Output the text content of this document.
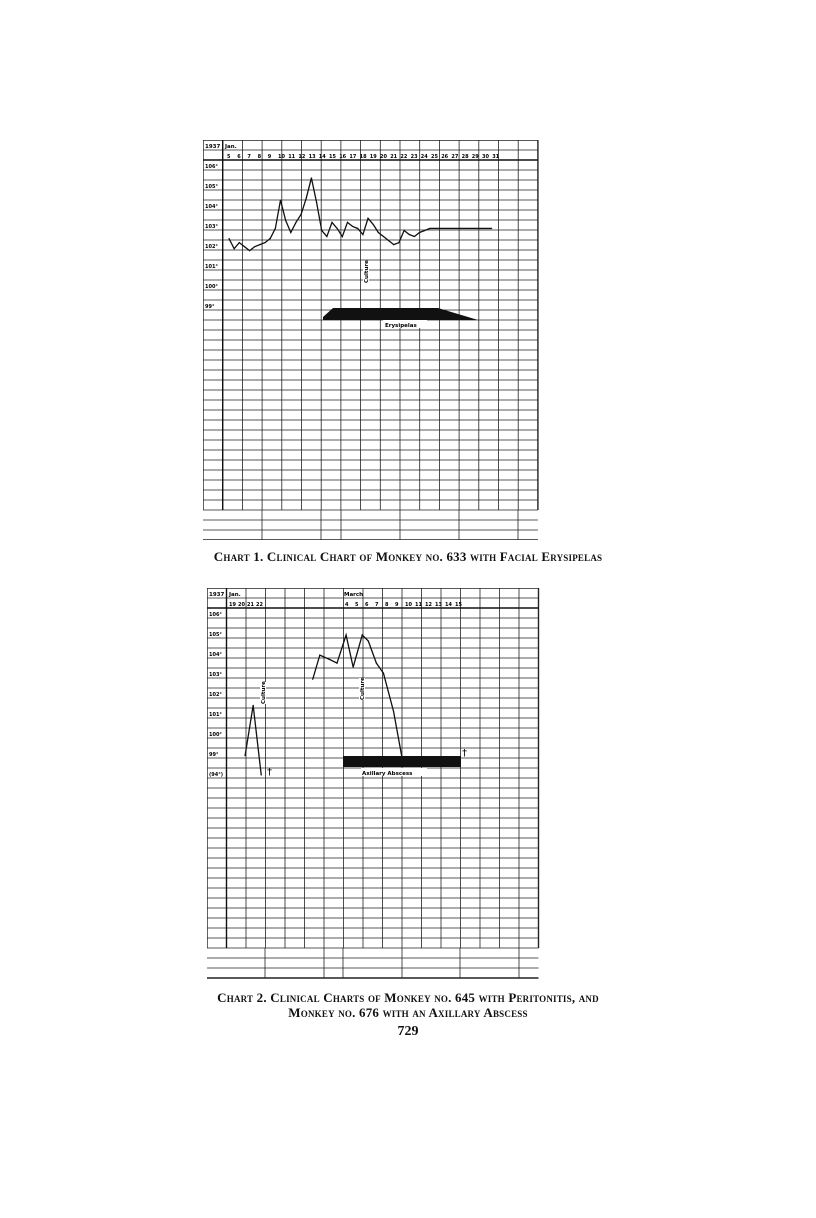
1937 Jan.
5 6 7 8 9 10 11 12 13 14 15 16 17 18 19 20 21 22 23 24 25 26 27 28 29 30 31
106°
105°
104°
103°
102°
101°
100°
99°
Culture
Erysipelas
Chart 1. Clinical Chart of Monkey no. 633 with Facial Erysipelas
1937 Jan.	March
19 20 21 22	4 5 6 7 8 9 10 11 12 13 14 15
106°
105°
104°
103°
102°
101°
100°
99°
(94°)
Culture	Culture
Axillary Abscess
†
†
Chart 2. Clinical Charts of Monkey no. 645 with Peritonitis, and
Monkey no. 676 with an Axillary Abscess
729
